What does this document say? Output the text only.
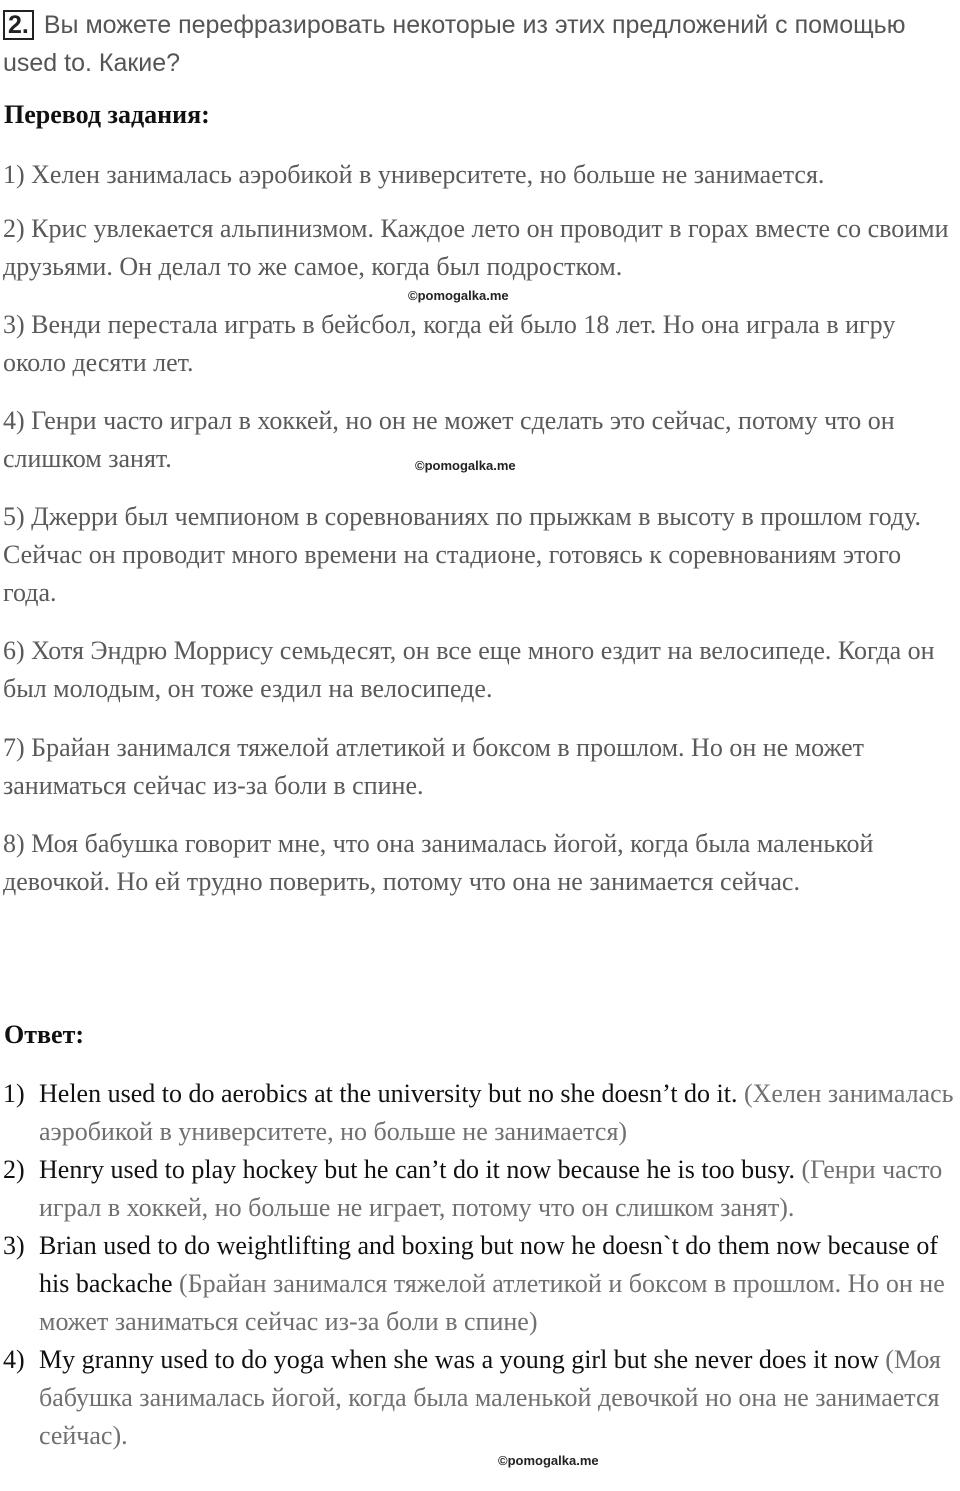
2. Вы можете перефразировать некоторые из этих предложений с помощью used to. Какие?
Перевод задания:
1) Хелен занималась аэробикой в университете, но больше не занимается.
2) Крис увлекается альпинизмом. Каждое лето он проводит в горах вместе со своими друзьями. Он делал то же самое, когда был подростком.
3) Венди перестала играть в бейсбол, когда ей было 18 лет. Но она играла в игру около десяти лет.
4) Генри часто играл в хоккей, но он не может сделать это сейчас, потому что он слишком занят.
5) Джерри был чемпионом в соревнованиях по прыжкам в высоту в прошлом году. Сейчас он проводит много времени на стадионе, готовясь к соревнованиям этого года.
6) Хотя Эндрю Моррису семьдесят, он все еще много ездит на велосипеде. Когда он был молодым, он тоже ездил на велосипеде.
7) Брайан занимался тяжелой атлетикой и боксом в прошлом. Но он не может заниматься сейчас из-за боли в спине.
8) Моя бабушка говорит мне, что она занималась йогой, когда была маленькой девочкой. Но ей трудно поверить, потому что она не занимается сейчас.
©pomogalka.me
©pomogalka.me
Ответ:
1) Helen used to do aerobics at the university but no she doesn’t do it. (Хелен занималась аэробикой в университете, но больше не занимается)
2) Henry used to play hockey but he can’t do it now because he is too busy. (Генри часто играл в хоккей, но больше не играет, потому что он слишком занят).
3) Brian used to do weightlifting and boxing but now he doesn`t do them now because of his backache (Брайан занимался тяжелой атлетикой и боксом в прошлом. Но он не может заниматься сейчас из-за боли в спине)
4) My granny used to do yoga when she was a young girl but she never does it now (Моя бабушка занималась йогой, когда была маленькой девочкой но она не занимается сейчас).
©pomogalka.me
